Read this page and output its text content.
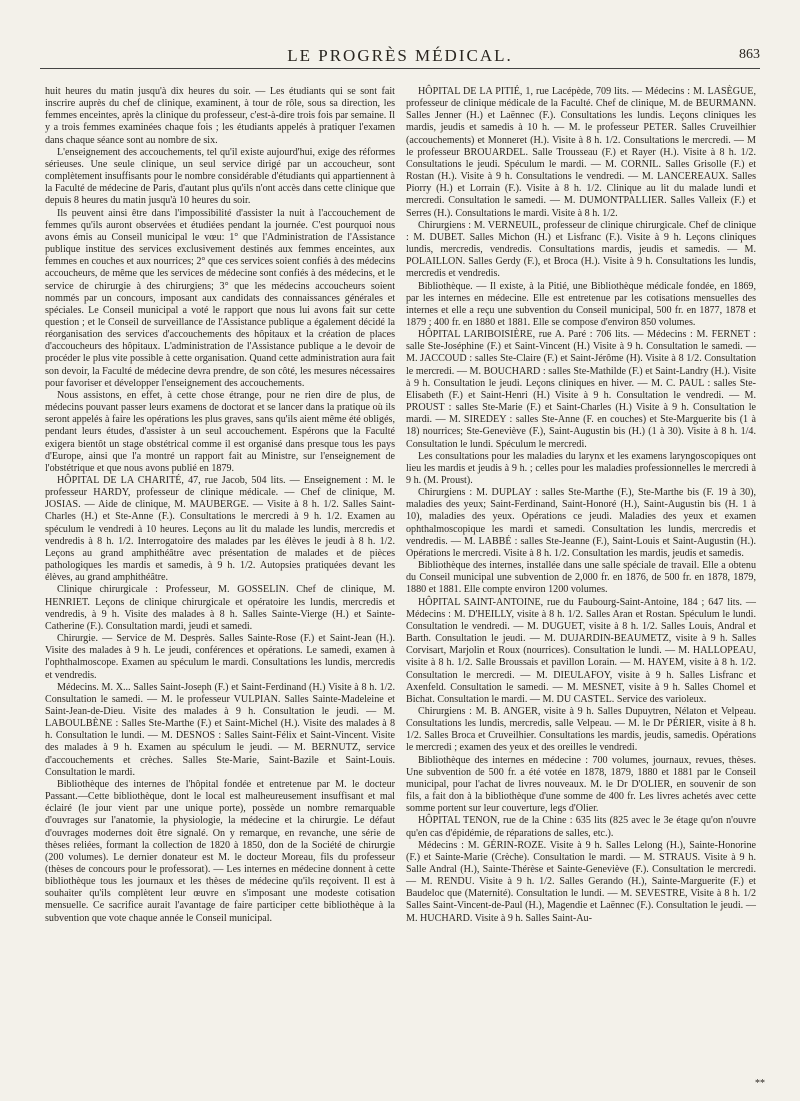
LE PROGRÈS MÉDICAL.	863

huit heures du matin jusqu'à dix heures du soir. — Les étudiants qui se sont fait inscrire auprès du chef de clinique, examinent, à tour de rôle, sous sa direction, les femmes enceintes, après la clinique du professeur, c'est-à-dire trois fois par semaine. Il y a trois femmes examinées chaque fois ; les étudiants appelés à pratiquer l'examen dans chaque séance sont au nombre de six.

L'enseignement des accouchements, tel qu'il existe aujourd'hui, exige des réformes sérieuses. Une seule clinique, un seul service dirigé par un accoucheur, sont complètement insuffisants pour le nombre considérable d'étudiants qui appartiennent à la Faculté de médecine de Paris, d'autant plus qu'ils n'ont accès dans cette clinique que depuis 8 heures du matin jusqu'à 10 heures du soir.

Ils peuvent ainsi être dans l'impossibilité d'assister la nuit à l'accouchement de femmes qu'ils auront observées et étudiées pendant la journée. C'est pourquoi nous avons émis au Conseil municipal le vœu: 1° que l'Administration de l'Assistance publique institue des services exclusivement destinés aux femmes enceintes, aux femmes en couches et aux nourrices; 2° que ces services soient confiés à des médecins accoucheurs, de même que les services de médecine sont confiés à des médecins, et le service de chirurgie à des chirurgiens; 3° que les médecins accoucheurs soient nommés par un concours, imposant aux candidats des connaissances générales et spéciales. Le Conseil municipal a voté le rapport que nous lui avons fait sur cette question ; et le Conseil de surveillance de l'Assistance publique a également décidé la réorganisation des services d'accouchements des hôpitaux et la création de places d'accoucheurs des hôpitaux. L'administration de l'Assistance publique a le devoir de procéder le plus vite possible à cette organisation. Quand cette administration aura fait son devoir, la Faculté de médecine devra prendre, de son côté, les mesures nécessaires pour favoriser et développer l'enseignement des accouchements.

Nous assistons, en effet, à cette chose étrange, pour ne rien dire de plus, de médecins pouvant passer leurs examens de doctorat et se lancer dans la pratique où ils seront appelés à faire les opérations les plus graves, sans qu'ils aient même été obligés, pendant leurs études, d'assister à un seul accouchement. Espérons que la Faculté exigera bientôt un stage obstétrical comme il est organisé dans presque tous les pays d'Europe, ainsi que l'a montré un rapport fait au Ministre, sur l'enseignement de l'obstétrique et que nous avons publié en 1879.

HÔPITAL DE LA CHARITÉ, 47, rue Jacob, 504 lits. — Enseignement : M. le professeur HARDY, professeur de clinique médicale. — Chef de clinique, M. JOSIAS. — Aide de clinique, M. MAUBERGE. — Visite à 8 h. 1/2. Salles Saint-Charles (H.) et Ste-Anne (F.). Consultations le mercredi à 9 h. 1/2. Examen au spéculum le vendredi à 10 heures. Leçons au lit du malade les lundis, mercredis et vendredis à 8 h. 1/2. Interrogatoire des malades par les élèves le jeudi à 8 h. 1/2. Leçons au grand amphithéâtre avec présentation de malades et de pièces pathologiques les mardis et samedis, à 9 h. 1/2. Autopsies pratiquées devant les élèves, au grand amphithéâtre.

Clinique chirurgicale : Professeur, M. GOSSELIN. Chef de clinique, M. HENRIET. Leçons de clinique chirurgicale et opératoire les lundis, mercredis et vendredis, à 9 h. Visite des malades à 8 h. Salles Sainte-Vierge (H.) et Sainte-Catherine (F.). Consultation mardi, jeudi et samedi.

Chirurgie. — Service de M. Desprès. Salles Sainte-Rose (F.) et Saint-Jean (H.). Visite des malades à 9 h. Le jeudi, conférences et opérations. Le samedi, examen à l'ophthalmoscope. Examen au spéculum le mardi. Consultations les lundis, mercredis et vendredis.

Médecins. M. X... Salles Saint-Joseph (F.) et Saint-Ferdinand (H.) Visite à 8 h. 1/2. Consultation le samedi. — M. le professeur VULPIAN. Salles Sainte-Madeleine et Saint-Jean-de-Dieu. Visite des malades à 9 h. Consultation le jeudi. — M. LABOULBÈNE : Salles Ste-Marthe (F.) et Saint-Michel (H.). Visite des malades à 8 h. Consultation le lundi. — M. DESNOS : Salles Saint-Félix et Saint-Vincent. Visite des malades à 9 h. Examen au spéculum le jeudi. — M. BERNUTZ, service d'accouchements et crèches. Salles Ste-Marie, Saint-Bazile et Saint-Louis. Consultation le mardi.

Bibliothèque des internes de l'hôpital fondée et entretenue par M. le docteur Passant.—Cette bibliothèque, dont le local est malheureusement insuffisant et mal éclairé (le jour vient par une unique porte), possède un nombre remarquable d'ouvrages sur l'anatomie, la physiologie, la médecine et la chirurgie. Le défaut d'ouvrages modernes doit être signalé. On y remarque, en revanche, une série de thèses reliées, formant la collection de 1820 à 1850, don de la Société de chirurgie (200 volumes). Le dernier donateur est M. le docteur Moreau, fils du professeur (thèses de concours pour le professorat). — Les internes en médecine donnent à cette bibliothèque tous les journaux et les thèses de médecine qu'ils reçoivent. Il est à souhaiter qu'ils complètent leur œuvre en s'imposant une modeste cotisation mensuelle. Ce sacrifice aurait l'avantage de faire participer cette bibliothèque à la subvention que vote chaque année le Conseil municipal.

HÔPITAL DE LA PITIÉ, 1, rue Lacépède, 709 lits. — Médecins : M. LASÈGUE, professeur de clinique médicale de la Faculté. Chef de clinique, M. de BEURMANN. Salles Jenner (H.) et Laënnec (F.). Consultations les lundis. Leçons cliniques les mardis, jeudis et samedis à 10 h. — M. le professeur PETER. Salles Cruveilhier (accouchements) et Monneret (H.). Visite à 8 h. 1/2. Consultations le mercredi. — M le professeur BROUARDEL. Salle Trousseau (F.) et Rayer (H.). Visite à 8 h. 1/2. Consultations le jeudi. Spéculum le mardi. — M. CORNIL. Salles Grisolle (F.) et Rostan (H.). Visite à 9 h. Consultations le vendredi. — M. LANCEREAUX. Salles Piorry (H.) et Lorrain (F.). Visite à 8 h. 1/2. Clinique au lit du malade lundi et mercredi. Consultation le samedi. — M. DUMONTPALLIER. Salles Valleix (F.) et Serres (H.). Consultations le mardi. Visite à 8 h. 1/2.

Chirurgiens : M. VERNEUIL, professeur de clinique chirurgicale. Chef de clinique : M. DUBET. Salles Michon (H.) et Lisfranc (F.). Visite à 9 h. Leçons cliniques lundis, mercredis, vendredis. Consultations mardis, jeudis et samedis. — M. POLAILLON. Salles Gerdy (F.), et Broca (H.). Visite à 9 h. Consultations les lundis, mercredis et vendredis.

Bibliothèque. — Il existe, à la Pitié, une Bibliothèque médicale fondée, en 1869, par les internes en médecine. Elle est entretenue par les cotisations mensuelles des internes et elle a reçu une subvention du Conseil municipal, 500 fr. en 1877, 1878 et 1879 ; 400 fr. en 1880 et 1881. Elle se compose d'environ 850 volumes.

HÔPITAL LARIBOISIÈRE, rue A. Paré : 706 lits. — Médecins : M. FERNET : salle Ste-Joséphine (F.) et Saint-Vincent (H.) Visite à 9 h. Consultation le samedi. — M. JACCOUD : salles Ste-Claire (F.) et Saint-Jérôme (H). Visite à 8 1/2. Consultation le mercredi. — M. BOUCHARD : salles Ste-Mathilde (F.) et Saint-Landry (H.). Visite à 9 h. Consultation le jeudi. Leçons cliniques en hiver. — M. C. PAUL : salles Ste-Elisabeth (F.) et Saint-Henri (H.) Visite à 9 h. Consultation le vendredi. — M. PROUST : salles Ste-Marie (F.) et Saint-Charles (H.) Visite à 9 h. Consultation le mardi. — M. SIREDEY : salles Ste-Anne (F. en couches) et Ste-Marguerite bis (1 à 18) nourrices; Ste-Geneviève (F.), Saint-Augustin bis (H.) (1 à 30). Visite à 8 h. 1/4. Consultation le lundi. Spéculum le mercredi.

Les consultations pour les maladies du larynx et les examens laryngoscopiques ont lieu les mardis et jeudis à 9 h. ; celles pour les maladies professionnelles le mercredi à 9 h. (M. Proust).

Chirurgiens : M. DUPLAY : salles Ste-Marthe (F.), Ste-Marthe bis (F. 19 à 30), maladies des yeux; Saint-Ferdinand, Saint-Honoré (H.), Saint-Augustin bis (H. 1 à 10), maladies des yeux. Opérations ce jeudi. Maladies des yeux et examen ophthalmoscopique les mardi et samedi. Consultation les lundis, mercredis et vendredis. — M. LABBÉ : salles Ste-Jeanne (F.), Saint-Louis et Saint-Augustin (H.). Opérations le mercredi. Visite à 8 h. 1/2. Consultation les mardis, jeudis et samedis.

Bibliothèque des internes, installée dans une salle spéciale de travail. Elle a obtenu du Conseil municipal une subvention de 2,000 fr. en 1876, de 500 fr. en 1878, 1879, 1880 et 1881. Elle compte environ 1200 volumes.

HÔPITAL SAINT-ANTOINE, rue du Faubourg-Saint-Antoine, 184 ; 647 lits. — Médecins : M. D'HEILLY, visite à 8 h. 1/2. Salles Aran et Rostan. Spéculum le lundi. Consultation le vendredi. — M. DUGUET, visite à 8 h. 1/2. Salles Louis, Andral et Barth. Consultation le jeudi. — M. DUJARDIN-BEAUMETZ, visite à 9 h. Salles Corvisart, Marjolin et Roux (nourrices). Consultation le lundi. — M. HALLOPEAU, visite à 8 h. 1/2. Salle Broussais et pavillon Lorain. — M. HAYEM, visite à 8 h. 1/2. Consultation le mercredi. — M. DIEULAFOY, visite à 9 h. Salles Lisfranc et Axenfeld. Consultation le samedi. — M. MESNET, visite à 9 h. Salles Chomel et Bichat. Consultation le mardi. — M. DU CASTEL. Service des varioleux.

Chirurgiens : M. B. ANGER, visite à 9 h. Salles Dupuytren, Nélaton et Velpeau. Consultations les lundis, mercredis, salle Velpeau. — M. le Dr PÉRIER, visite à 8 h. 1/2. Salles Broca et Cruveilhier. Consultations les mardis, jeudis, samedis. Opérations le mercredi ; examen des yeux et des oreilles le vendredi.

Bibliothèque des internes en médecine : 700 volumes, journaux, revues, thèses. Une subvention de 500 fr. a été votée en 1878, 1879, 1880 et 1881 par le Conseil municipal, pour l'achat de livres nouveaux. M. le Dr D'OLIER, en souvenir de son fils, a fait don à la bibliothèque d'une somme de 400 fr. Les livres achetés avec cette somme portent sur leur couverture, legs d'Olier.

HÔPITAL TENON, rue de la Chine : 635 lits (825 avec le 3e étage qu'on n'ouvre qu'en cas d'épidémie, de réparations de salles, etc.).

Médecins : M. GÉRIN-ROZE. Visite à 9 h. Salles Lelong (H.), Sainte-Honorine (F.) et Sainte-Marie (Crèche). Consultation le mardi. — M. STRAUS. Visite à 9 h. Salle Andral (H.), Sainte-Thérèse et Sainte-Geneviève (F.). Consultation le mercredi. — M. RENDU. Visite à 9 h. 1/2. Salles Gerando (H.), Sainte-Marguerite (F.) et Baudeloc que (Maternité). Consultation le lundi. — M. SEVESTRE, Visite à 8 h. 1/2 Salles Saint-Vincent-de-Paul (H.), Magendie et Laënnec (F.). Consultation le jeudi. — M. HUCHARD. Visite à 9 h. Salles Saint-Au-

**
